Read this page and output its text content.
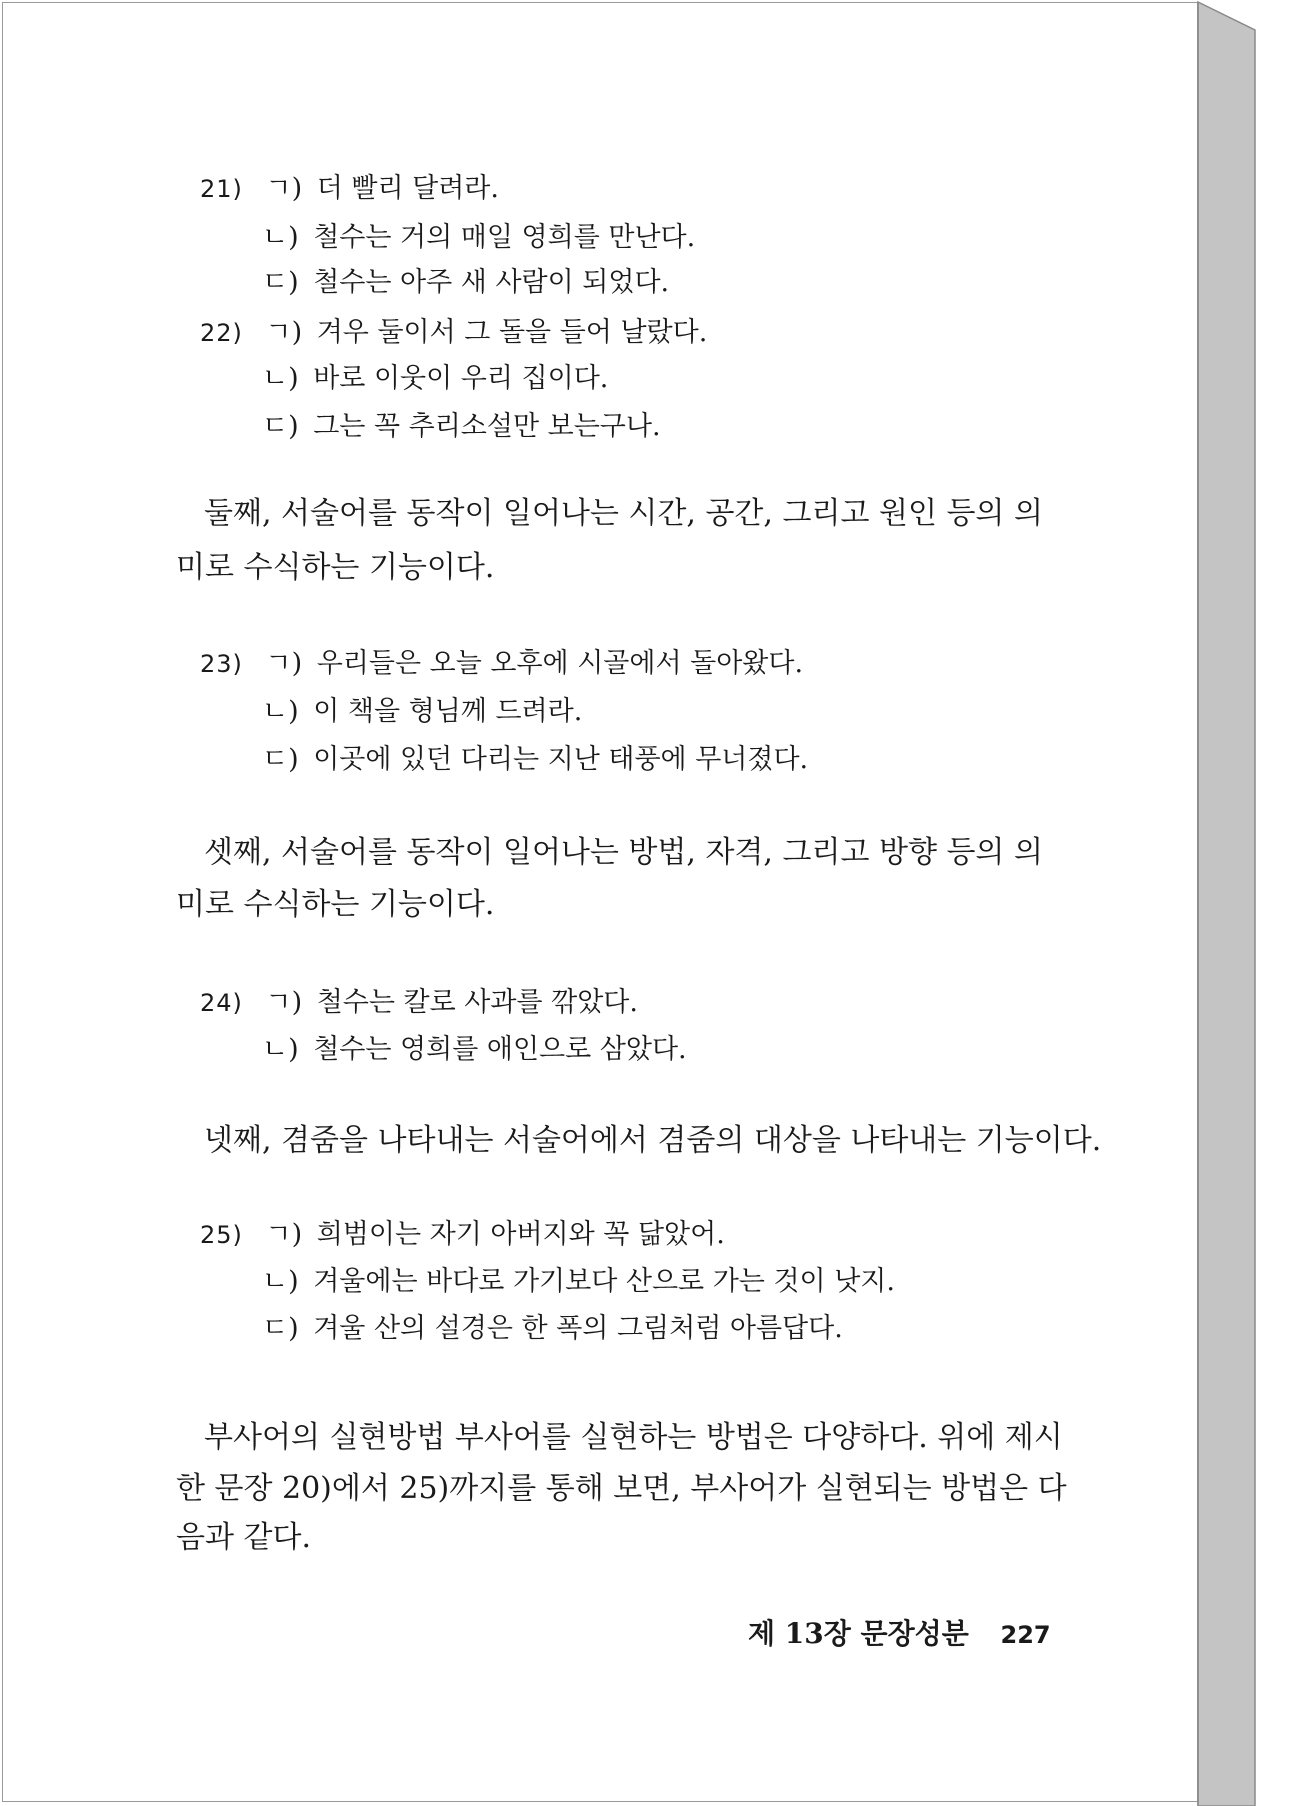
21) ㄱ) 더 빨리 달려라.
ㄴ) 철수는 거의 매일 영희를 만난다.
ㄷ) 철수는 아주 새 사람이 되었다.
22) ㄱ) 겨우 둘이서 그 돌을 들어 날랐다.
ㄴ) 바로 이웃이 우리 집이다.
ㄷ) 그는 꼭 추리소설만 보는구나.
둘째, 서술어를 동작이 일어나는 시간, 공간, 그리고 원인 등의 의
미로 수식하는 기능이다.
23) ㄱ) 우리들은 오늘 오후에 시골에서 돌아왔다.
ㄴ) 이 책을 형님께 드려라.
ㄷ) 이곳에 있던 다리는 지난 태풍에 무너졌다.
셋째, 서술어를 동작이 일어나는 방법, 자격, 그리고 방향 등의 의
미로 수식하는 기능이다.
24) ㄱ) 철수는 칼로 사과를 깎았다.
ㄴ) 철수는 영희를 애인으로 삼았다.
넷째, 겸줌을 나타내는 서술어에서 겸줌의 대상을 나타내는 기능이다.
25) ㄱ) 희범이는 자기 아버지와 꼭 닮았어.
ㄴ) 겨울에는 바다로 가기보다 산으로 가는 것이 낫지.
ㄷ) 겨울 산의 설경은 한 폭의 그림처럼 아름답다.
부사어의 실현방법 부사어를 실현하는 방법은 다양하다. 위에 제시
한 문장 20)에서 25)까지를 통해 보면, 부사어가 실현되는 방법은 다
음과 같다.
제 13장 문장성분 227
